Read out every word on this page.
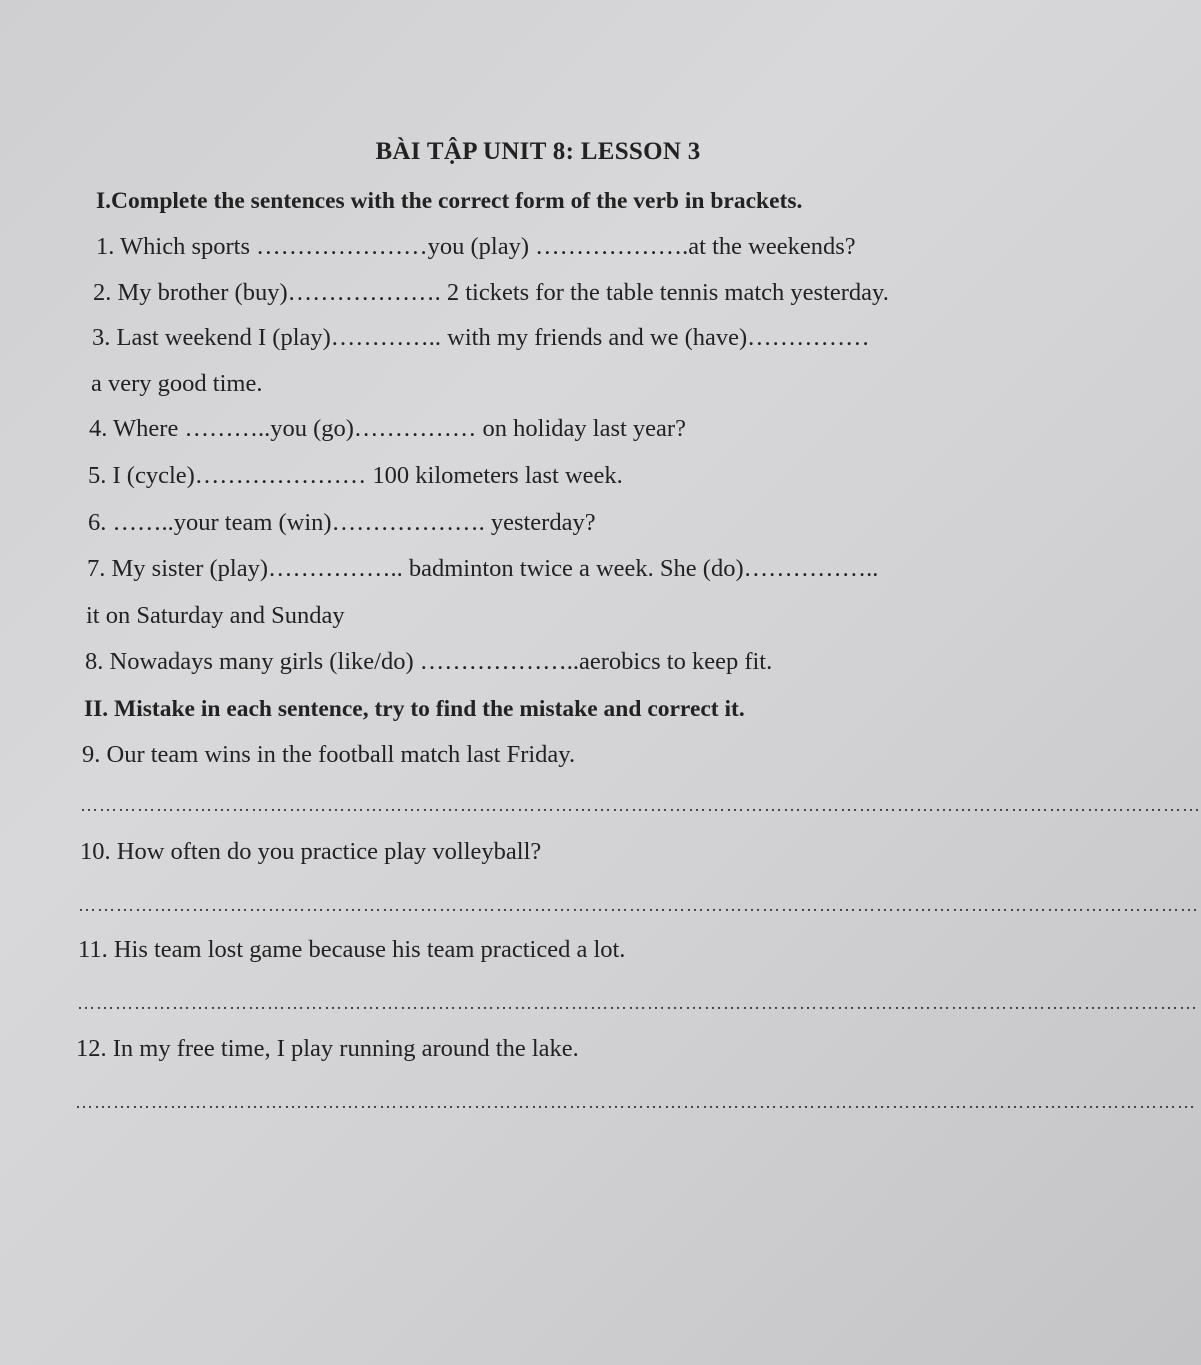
BÀI TẬP UNIT 8: LESSON 3
I.Complete the sentences with the correct form of the verb in brackets.
1. Which sports …………………you (play) ……………….at the weekends?
2. My brother (buy)………………. 2 tickets for the table tennis match yesterday.
3. Last weekend I (play)………….. with my friends and we (have)……………
a very good time.
4. Where ………..you (go)…………… on holiday last year?
5. I (cycle)………………… 100 kilometers last week.
6. ……..your team (win)………………. yesterday?
7. My sister (play)…………….. badminton twice a week. She (do)……………..
it on Saturday and Sunday
8. Nowadays many girls (like/do) ………………..aerobics to keep fit.
II. Mistake in each sentence, try to find the mistake and correct it.
9. Our team wins in the football match last Friday.
……………………………………………………………………………………………………………………………………………………………
10. How often do you practice play volleyball?
……………………………………………………………………………………………………………………………………………………………
11. His team lost game because his team practiced a lot.
……………………………………………………………………………………………………………………………………………………………
12. In my free time, I play running around the lake.
……………………………………………………………………………………………………………………………………………………………
